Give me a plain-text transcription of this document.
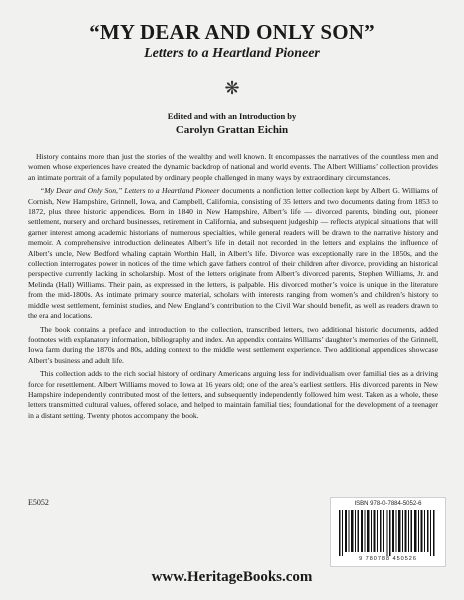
“MY DEAR AND ONLY SON”
Letters to a Heartland Pioneer
❋
Edited and with an Introduction by
Carolyn Grattan Eichin

History contains more than just the stories of the wealthy and well known. It encompasses the narratives of the countless men and women whose experiences have created the dynamic backdrop of national and world events. The Albert Williams’ collection provides an intimate portrait of a family populated by ordinary people challenged in many ways by extraordinary circumstances.

“My Dear and Only Son,” Letters to a Heartland Pioneer documents a nonfiction letter collection kept by Albert G. Williams of Cornish, New Hampshire, Grinnell, Iowa, and Campbell, California, consisting of 35 letters and two documents dating from 1853 to 1872, plus three historic appendices. Born in 1840 in New Hampshire, Albert’s life — divorced parents, binding out, pioneer settlement, nursery and orchard businesses, retirement in California, and subsequent judgeship — reflects atypical situations that will garner interest among academic historians of numerous specialties, while general readers will be drawn to the narrative history and memoir. A comprehensive introduction delineates Albert’s life in detail not recorded in the letters and explains the influence of Albert’s uncle, New Bedford whaling captain Worthin Hall, in Albert’s life. Divorce was exceptionally rare in the 1850s, and the collection interrogates power in notices of the time which gave fathers control of their children after divorce, providing an historical perspective currently lacking in scholarship. Most of the letters originate from Albert’s divorced parents, Stephen Williams, Jr. and Melinda (Hall) Williams. Their pain, as expressed in the letters, is palpable. His divorced mother’s voice is unique in the literature from the mid-1800s. As intimate primary source material, scholars with interests ranging from women’s and children’s history to middle west settlement, feminist studies, and New England’s contribution to the Civil War should benefit, as well as readers drawn to the era and locations.

The book contains a preface and introduction to the collection, transcribed letters, two additional historic documents, added footnotes with explanatory information, bibliography and index. An appendix contains Williams’ daughter’s memories of the Grinnell, Iowa farm during the 1870s and 80s, adding context to the middle west settlement experience. Two additional appendices showcase Albert’s business and adult life.

This collection adds to the rich social history of ordinary Americans arguing less for individualism over familial ties as a driving force for resettlement. Albert Williams moved to Iowa at 16 years old; one of the area’s earliest settlers. His divorced parents in New Hampshire independently contributed most of the letters, and subsequently independently followed him west. Taken as a whole, these letters transmitted cultural values, offered solace, and helped to maintain familial ties; foundational for the development of a teenager in a distant setting. Twenty photos accompany the book.

E5052	ISBN 978-0-7884-5052-6
9 780788 450526
www.HeritageBooks.com
